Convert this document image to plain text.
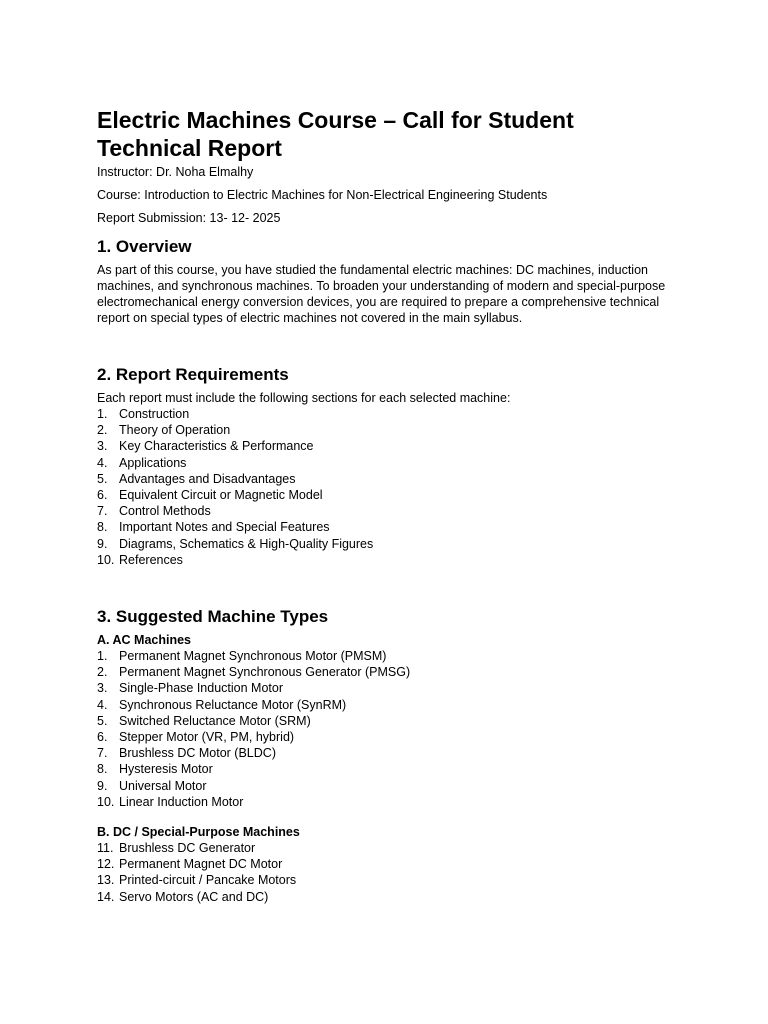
Electric Machines Course – Call for Student Technical Report

Instructor: Dr. Noha Elmalhy

Course: Introduction to Electric Machines for Non-Electrical Engineering Students

Report Submission: 13- 12- 2025

1. Overview

As part of this course, you have studied the fundamental electric machines: DC machines, induction machines, and synchronous machines. To broaden your understanding of modern and special-purpose electromechanical energy conversion devices, you are required to prepare a comprehensive technical report on special types of electric machines not covered in the main syllabus.

2. Report Requirements

Each report must include the following sections for each selected machine:

1. Construction
2. Theory of Operation
3. Key Characteristics & Performance
4. Applications
5. Advantages and Disadvantages
6. Equivalent Circuit or Magnetic Model
7. Control Methods
8. Important Notes and Special Features
9. Diagrams, Schematics & High-Quality Figures
10. References
3. Suggested Machine Types

A. AC Machines

1. Permanent Magnet Synchronous Motor (PMSM)
2. Permanent Magnet Synchronous Generator (PMSG)
3. Single-Phase Induction Motor
4. Synchronous Reluctance Motor (SynRM)
5. Switched Reluctance Motor (SRM)
6. Stepper Motor (VR, PM, hybrid)
7. Brushless DC Motor (BLDC)
8. Hysteresis Motor
9. Universal Motor
10. Linear Induction Motor

B. DC / Special-Purpose Machines

11. Brushless DC Generator
12. Permanent Magnet DC Motor
13. Printed-circuit / Pancake Motors
14. Servo Motors (AC and DC)
